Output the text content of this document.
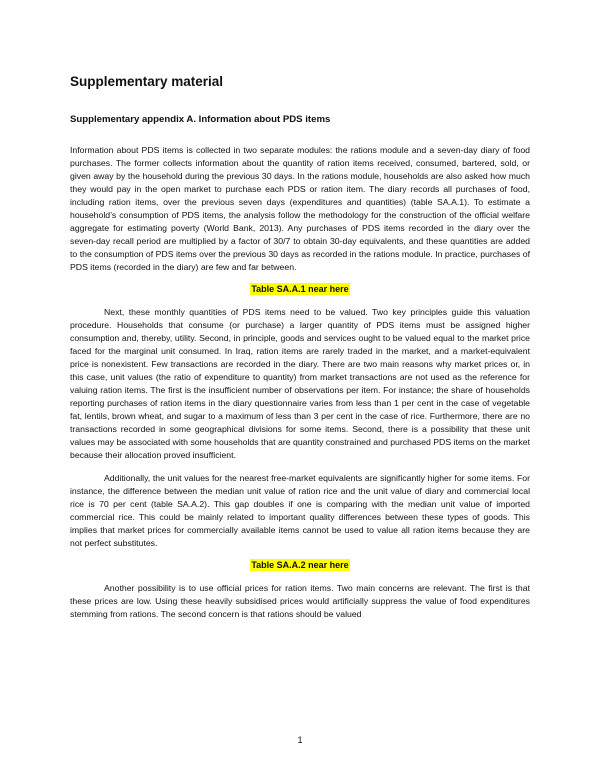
Supplementary material
Supplementary appendix A. Information about PDS items

Information about PDS items is collected in two separate modules: the rations module and a seven-day diary of food purchases. The former collects information about the quantity of ration items received, consumed, bartered, sold, or given away by the household during the previous 30 days. In the rations module, households are also asked how much they would pay in the open market to purchase each PDS or ration item. The diary records all purchases of food, including ration items, over the previous seven days (expenditures and quantities) (table SA.A.1). To estimate a household’s consumption of PDS items, the analysis follow the methodology for the construction of the official welfare aggregate for estimating poverty (World Bank, 2013). Any purchases of PDS items recorded in the diary over the seven-day recall period are multiplied by a factor of 30/7 to obtain 30-day equivalents, and these quantities are added to the consumption of PDS items over the previous 30 days as recorded in the rations module. In practice, purchases of PDS items (recorded in the diary) are few and far between.

Table SA.A.1 near here

Next, these monthly quantities of PDS items need to be valued. Two key principles guide this valuation procedure. Households that consume (or purchase) a larger quantity of PDS items must be assigned higher consumption and, thereby, utility. Second, in principle, goods and services ought to be valued equal to the market price faced for the marginal unit consumed. In Iraq, ration items are rarely traded in the market, and a market-equivalent price is nonexistent. Few transactions are recorded in the diary. There are two main reasons why market prices or, in this case, unit values (the ratio of expenditure to quantity) from market transactions are not used as the reference for valuing ration items. The first is the insufficient number of observations per item. For instance; the share of households reporting purchases of ration items in the diary questionnaire varies from less than 1 per cent in the case of vegetable fat, lentils, brown wheat, and sugar to a maximum of less than 3 per cent in the case of rice. Furthermore, there are no transactions recorded in some geographical divisions for some items. Second, there is a possibility that these unit values may be associated with some households that are quantity constrained and purchased PDS items on the market because their allocation proved insufficient.

Additionally, the unit values for the nearest free-market equivalents are significantly higher for some items. For instance, the difference between the median unit value of ration rice and the unit value of diary and commercial local rice is 70 per cent (table SA.A.2). This gap doubles if one is comparing with the median unit value of imported commercial rice. This could be mainly related to important quality differences between these types of goods. This implies that market prices for commercially available items cannot be used to value all ration items because they are not perfect substitutes.

Table SA.A.2 near here

Another possibility is to use official prices for ration items. Two main concerns are relevant. The first is that these prices are low. Using these heavily subsidised prices would artificially suppress the value of food expenditures stemming from rations. The second concern is that rations should be valued

1
